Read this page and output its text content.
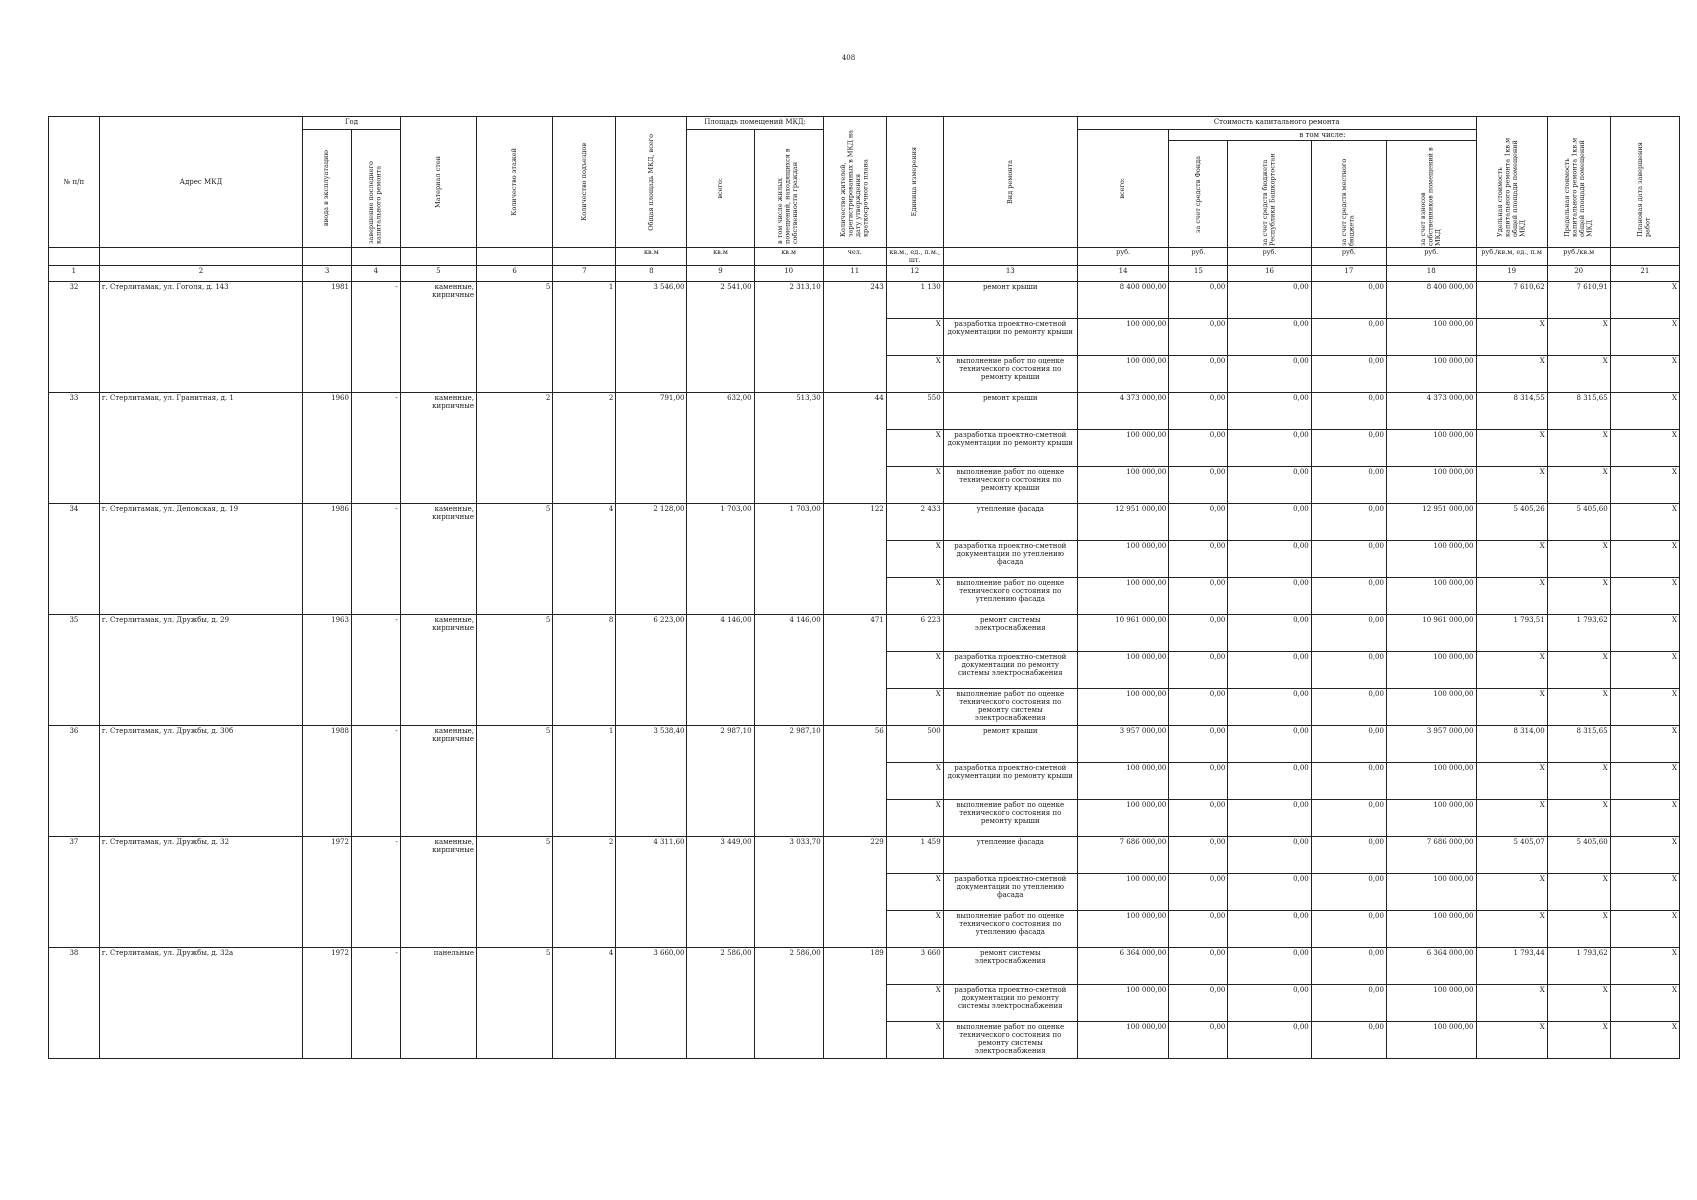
408
№ п/п	Адрес МКД	Год		Материал стен	Количество этажей	Количество подъездов	Общая площадь МКД, всего	Площадь помещений МКД:		Количество жителей, зарегистрированных в МКД на дату утверждения краткосрочного плана	Единица измерения	Вид ремонта	Стоимость капитального ремонта					Удельная стоимость капитального ремонта 1кв.м общей площади помещений МКД	Предельная стоимость капитального ремонта 1кв.м общей площади помещений МКД	Плановая дата завершения работ

		ввода в эксплуатацию	завершение последнего капитального ремонта					всего:	в том числе жилых помещений, находящихся в собственности граждан				всего:	в том числе:						

														за счет средств Фонда	за счет средств бюджета Республики Башкортостан	за счет средств местного бюджета	за счет взносов собственников помещений в МКД			

							кв.м	кв.м	кв.м	чел.	кв.м., ед., п.м., шт.		руб.	руб.	руб.	руб.	руб.	руб./кв.м, ед., п.м	руб./кв.м	
1	2	3	4	5	6	7	8	9	10	11	12	13	14	15	16	17	18	19	20	21
32	г. Стерлитамак, ул. Гоголя, д. 143	1981	-	каменные, кирпичные	5	1	3 546,00	2 541,00	2 313,10	243	1 130	ремонт крыши	8 400 000,00	0,00	0,00	0,00	8 400 000,00	7 610,62	7 610,91	X
											X	разработка проектно-сметной документации по ремонту крыши	100 000,00	0,00	0,00	0,00	100 000,00	X	X	X
											X	выполнение работ по оценке технического состояния по ремонту крыши	100 000,00	0,00	0,00	0,00	100 000,00	X	X	X
33	г. Стерлитамак, ул. Гранитная, д. 1	1960	-	каменные, кирпичные	2	2	791,00	632,00	513,30	44	550	ремонт крыши	4 373 000,00	0,00	0,00	0,00	4 373 000,00	8 314,55	8 315,65	X
											X	разработка проектно-сметной документации по ремонту крыши	100 000,00	0,00	0,00	0,00	100 000,00	X	X	X
											X	выполнение работ по оценке технического состояния по ремонту крыши	100 000,00	0,00	0,00	0,00	100 000,00	X	X	X
34	г. Стерлитамак, ул. Деповская, д. 19	1986	-	каменные, кирпичные	5	4	2 128,00	1 703,00	1 703,00	122	2 433	утепление фасада	12 951 000,00	0,00	0,00	0,00	12 951 000,00	5 405,26	5 405,60	X
											X	разработка проектно-сметной документации по утеплению фасада	100 000,00	0,00	0,00	0,00	100 000,00	X	X	X
											X	выполнение работ по оценке технического состояния по утеплению фасада	100 000,00	0,00	0,00	0,00	100 000,00	X	X	X
35	г. Стерлитамак, ул. Дружбы, д. 29	1963	-	каменные, кирпичные	5	8	6 223,00	4 146,00	4 146,00	471	6 223	ремонт системы электроснабжения	10 961 000,00	0,00	0,00	0,00	10 961 000,00	1 793,51	1 793,62	X
											X	разработка проектно-сметной документации по ремонту системы электроснабжения	100 000,00	0,00	0,00	0,00	100 000,00	X	X	X
											X	выполнение работ по оценке технического состояния по ремонту системы электроснабжения	100 000,00	0,00	0,00	0,00	100 000,00	X	X	X
36	г. Стерлитамак, ул. Дружбы, д. 30б	1988	-	каменные, кирпичные	5	1	3 538,40	2 987,10	2 987,10	56	500	ремонт крыши	3 957 000,00	0,00	0,00	0,00	3 957 000,00	8 314,00	8 315,65	X
											X	разработка проектно-сметной документации по ремонту крыши	100 000,00	0,00	0,00	0,00	100 000,00	X	X	X
											X	выполнение работ по оценке технического состояния по ремонту крыши	100 000,00	0,00	0,00	0,00	100 000,00	X	X	X
37	г. Стерлитамак, ул. Дружбы, д. 32	1972	-	каменные, кирпичные	5	2	4 311,60	3 449,00	3 033,70	229	1 459	утепление фасада	7 686 000,00	0,00	0,00	0,00	7 686 000,00	5 405,07	5 405,60	X
											X	разработка проектно-сметной документации по утеплению фасада	100 000,00	0,00	0,00	0,00	100 000,00	X	X	X
											X	выполнение работ по оценке технического состояния по утеплению фасада	100 000,00	0,00	0,00	0,00	100 000,00	X	X	X
38	г. Стерлитамак, ул. Дружбы, д. 32а	1972	-	панельные	5	4	3 660,00	2 586,00	2 586,00	189	3 660	ремонт системы электроснабжения	6 364 000,00	0,00	0,00	0,00	6 364 000,00	1 793,44	1 793,62	X
											X	разработка проектно-сметной документации по ремонту системы электроснабжения	100 000,00	0,00	0,00	0,00	100 000,00	X	X	X
											X	выполнение работ по оценке технического состояния по ремонту системы электроснабжения	100 000,00	0,00	0,00	0,00	100 000,00	X	X	X
